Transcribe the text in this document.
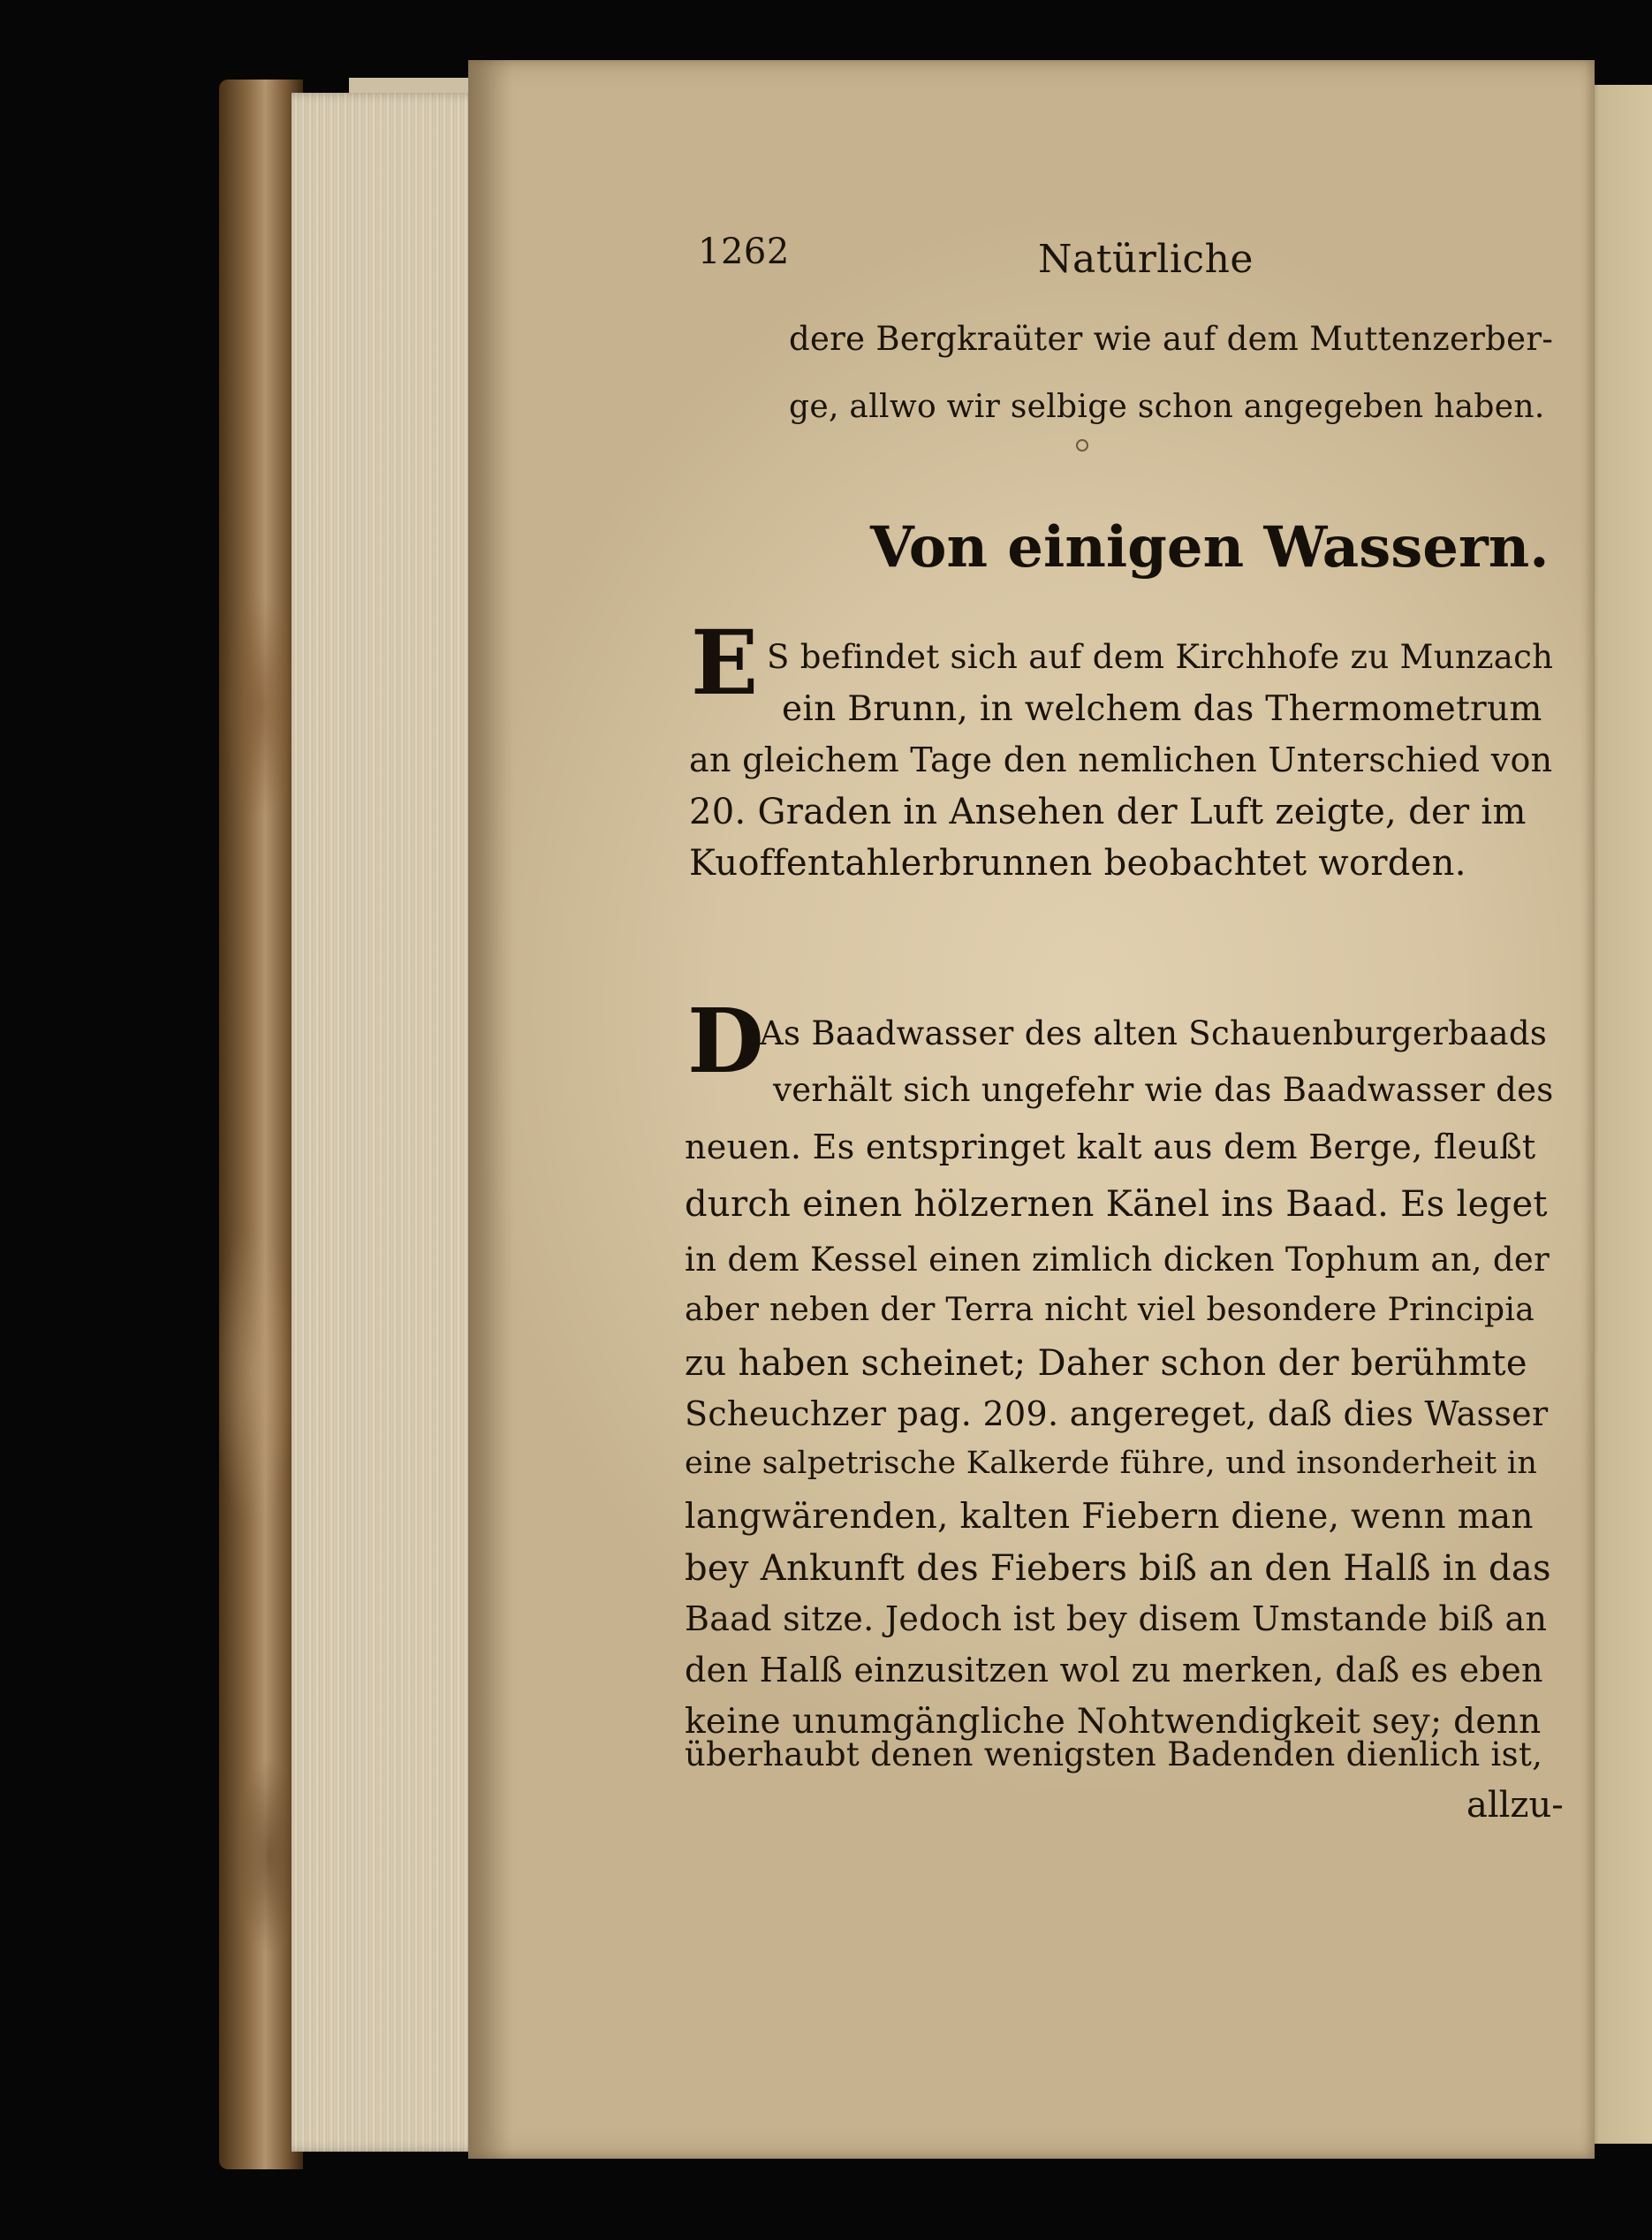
1262	Natürliche
dere Bergkraüter wie auf dem Muttenzerber-
ge, allwo wir selbige schon angegeben haben.
Von einigen Wassern.
E S befindet sich auf dem Kirchhofe zu Munzach
ein Brunn, in welchem das Thermometrum
an gleichem Tage den nemlichen Unterschied von
20. Graden in Ansehen der Luft zeigte, der im
Kuoffentahlerbrunnen beobachtet worden.
D
As Baadwasser des alten Schauenburgerbaads
verhält sich ungefehr wie das Baadwasser des
neuen. Es entspringet kalt aus dem Berge, fleußt
durch einen hölzernen Känel ins Baad. Es leget
in dem Kessel einen zimlich dicken Tophum an, der
aber neben der Terra nicht viel besondere Principia
zu haben scheinet; Daher schon der berühmte
Scheuchzer pag. 209. angereget, daß dies Wasser
eine salpetrische Kalkerde führe, und insonderheit in
langwärenden, kalten Fiebern diene, wenn man
bey Ankunft des Fiebers biß an den Halß in das
Baad sitze. Jedoch ist bey disem Umstande biß an
den Halß einzusitzen wol zu merken, daß es eben
keine unumgängliche Nohtwendigkeit sey; denn
überhaubt denen wenigsten Badenden dienlich ist,
allzu-
